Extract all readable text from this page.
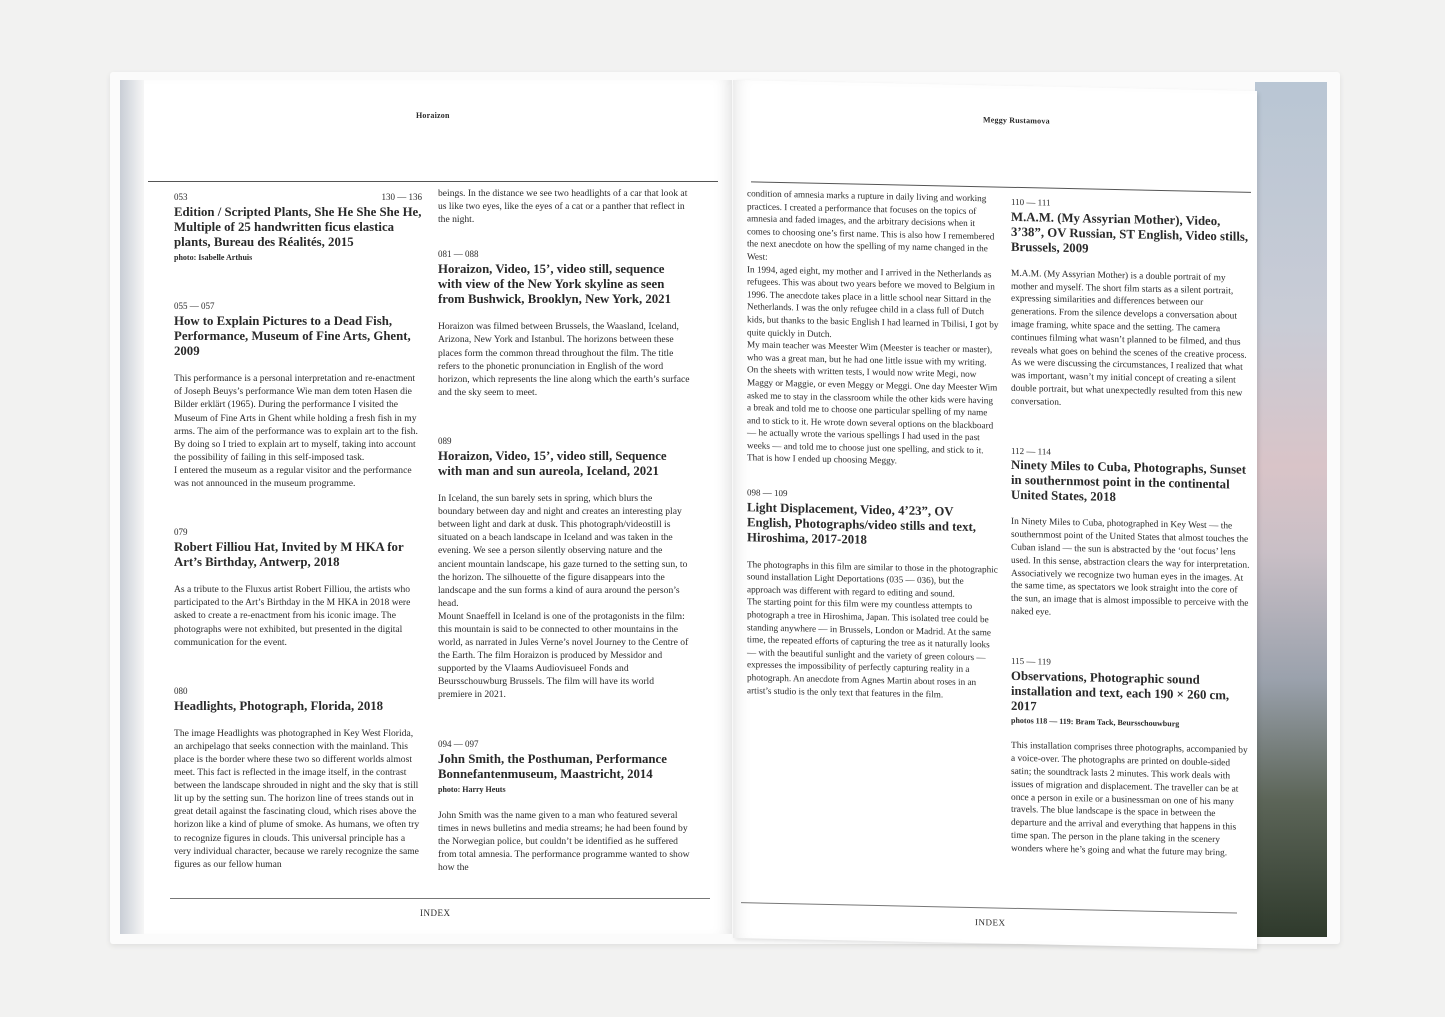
Horaizon
053	130 — 136
Edition / Scripted Plants, She He She She He, Multiple of 25 handwritten ficus elastica plants, Bureau des Réalités, 2015
photo: Isabelle Arthuis
055 — 057
How to Explain Pictures to a Dead Fish, Performance, Museum of Fine Arts, Ghent, 2009

This performance is a personal interpretation and re-enactment of Joseph Beuys’s performance Wie man dem toten Hasen die Bilder erklärt (1965). During the performance I visited the Museum of Fine Arts in Ghent while holding a fresh fish in my arms. The aim of the performance was to explain art to the fish. By doing so I tried to explain art to myself, taking into account the possibility of failing in this self-imposed task.

I entered the museum as a regular visitor and the performance was not announced in the museum programme.

079
Robert Filliou Hat, Invited by M HKA for Art’s Birthday, Antwerp, 2018

As a tribute to the Fluxus artist Robert Filliou, the artists who participated to the Art’s Birthday in the M HKA in 2018 were asked to create a re-enactment from his iconic image. The photographs were not exhibited, but presented in the digital communication for the event.

080
Headlights, Photograph, Florida, 2018

The image Headlights was photographed in Key West Florida, an archipelago that seeks connection with the mainland. This place is the border where these two so different worlds almost meet. This fact is reflected in the image itself, in the contrast between the landscape shrouded in night and the sky that is still lit up by the setting sun. The horizon line of trees stands out in great detail against the fascinating cloud, which rises above the horizon like a kind of plume of smoke. As humans, we often try to recognize figures in clouds. This universal principle has a very individual character, because we rarely recognize the same figures as our fellow human

beings. In the distance we see two headlights of a car that look at us like two eyes, like the eyes of a cat or a panther that reflect in the night.

081 — 088
Horaizon, Video, 15’, video still, sequence with view of the New York skyline as seen from Bushwick, Brooklyn, New York, 2021

Horaizon was filmed between Brussels, the Waasland, Iceland, Arizona, New York and Istanbul. The horizons between these places form the common thread throughout the film. The title refers to the phonetic pronunciation in English of the word horizon, which represents the line along which the earth’s surface and the sky seem to meet.

089
Horaizon, Video, 15’, video still, Sequence with man and sun aureola, Iceland, 2021

In Iceland, the sun barely sets in spring, which blurs the boundary between day and night and creates an interesting play between light and dark at dusk. This photograph/videostill is situated on a beach landscape in Iceland and was taken in the evening. We see a person silently observing nature and the ancient mountain landscape, his gaze turned to the setting sun, to the horizon. The silhouette of the figure disappears into the landscape and the sun forms a kind of aura around the person’s head.

Mount Snaeffell in Iceland is one of the protagonists in the film: this mountain is said to be connected to other mountains in the world, as narrated in Jules Verne’s novel Journey to the Centre of the Earth. The film Horaizon is produced by Messidor and supported by the Vlaams Audiovisueel Fonds and Beursschouwburg Brussels. The film will have its world premiere in 2021.

094 — 097
John Smith, the Posthuman, Performance Bonnefantenmuseum, Maastricht, 2014
photo: Harry Heuts

John Smith was the name given to a man who featured several times in news bulletins and media streams; he had been found by the Norwegian police, but couldn’t be identified as he suffered from total amnesia. The performance programme wanted to show how the

INDEX
Meggy Rustamova

condition of amnesia marks a rupture in daily living and working practices. I created a performance that focuses on the topics of amnesia and faded images, and the arbitrary decisions when it comes to choosing one’s first name. This is also how I remembered the next anecdote on how the spelling of my name changed in the West:

In 1994, aged eight, my mother and I arrived in the Netherlands as refugees. This was about two years before we moved to Belgium in 1996. The anecdote takes place in a little school near Sittard in the Netherlands. I was the only refugee child in a class full of Dutch kids, but thanks to the basic English I had learned in Tbilisi, I got by quite quickly in Dutch.

My main teacher was Meester Wim (Meester is teacher or master), who was a great man, but he had one little issue with my writing. On the sheets with written tests, I would now write Megi, now Maggy or Maggie, or even Meggy or Meggi. One day Meester Wim asked me to stay in the classroom while the other kids were having a break and told me to choose one particular spelling of my name and to stick to it. He wrote down several options on the blackboard — he actually wrote the various spellings I had used in the past weeks — and told me to choose just one spelling, and stick to it. That is how I ended up choosing Meggy.

098 — 109
Light Displacement, Video, 4’23”, OV English, Photographs/video stills and text, Hiroshima, 2017-2018

The photographs in this film are similar to those in the photographic sound installation Light Deportations (035 — 036), but the approach was different with regard to editing and sound.

The starting point for this film were my countless attempts to photograph a tree in Hiroshima, Japan. This isolated tree could be standing anywhere — in Brussels, London or Madrid. At the same time, the repeated efforts of capturing the tree as it naturally looks — with the beautiful sunlight and the variety of green colours — expresses the impossibility of perfectly capturing reality in a photograph. An anecdote from Agnes Martin about roses in an artist’s studio is the only text that features in the film.

110 — 111
M.A.M. (My Assyrian Mother), Video, 3’38”, OV Russian, ST English, Video stills, Brussels, 2009

M.A.M. (My Assyrian Mother) is a double portrait of my mother and myself. The short film starts as a silent portrait, expressing similarities and differences between our generations. From the silence develops a conversation about image framing, white space and the setting. The camera continues filming what wasn’t planned to be filmed, and thus reveals what goes on behind the scenes of the creative process. As we were discussing the circumstances, I realized that what was important, wasn’t my initial concept of creating a silent double portrait, but what unexpectedly resulted from this new conversation.

112 — 114
Ninety Miles to Cuba, Photographs, Sunset in southernmost point in the continental United States, 2018

In Ninety Miles to Cuba, photographed in Key West — the southernmost point of the United States that almost touches the Cuban island — the sun is abstracted by the ‘out focus’ lens used. In this sense, abstraction clears the way for interpretation. Associatively we recognize two human eyes in the images. At the same time, as spectators we look straight into the core of the sun, an image that is almost impossible to perceive with the naked eye.

115 — 119
Observations, Photographic sound installation and text, each 190 × 260 cm, 2017
photos 118 — 119: Bram Tack, Beursschouwburg

This installation comprises three photographs, accompanied by a voice-over. The photographs are printed on double-sided satin; the soundtrack lasts 2 minutes. This work deals with issues of migration and displacement. The traveller can be at once a person in exile or a businessman on one of his many travels. The blue landscape is the space in between the departure and the arrival and everything that happens in this time span. The person in the plane taking in the scenery wonders where he’s going and what the future may bring.

INDEX
